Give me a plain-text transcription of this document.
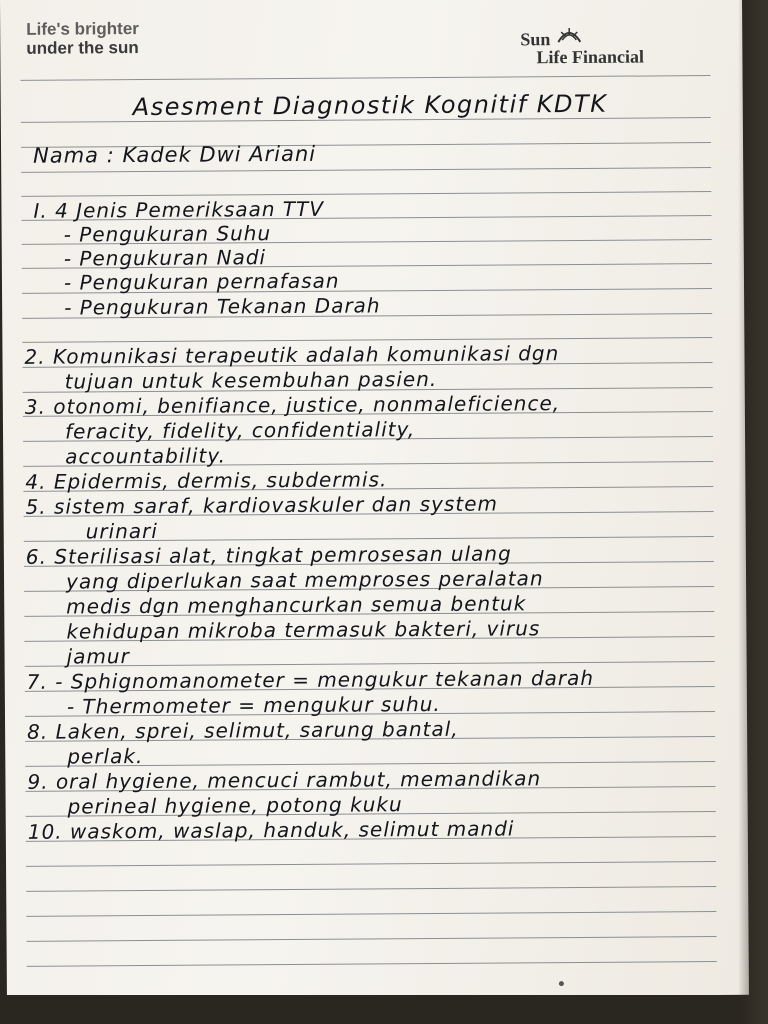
Life's brighter
under the sun	Sun
Life Financial
Asesment Diagnostik Kognitif KDTK
Nama : Kadek Dwi Ariani
I. 4 Jenis Pemeriksaan TTV
- Pengukuran Suhu
- Pengukuran Nadi
- Pengukuran pernafasan
- Pengukuran Tekanan Darah
2. Komunikasi terapeutik adalah komunikasi dgn
tujuan untuk kesembuhan pasien.
3. otonomi, benifiance, justice, nonmaleficience,
feracity, fidelity, confidentiality,
accountability.
4. Epidermis, dermis, subdermis.
5. sistem saraf, kardiovaskuler dan system
urinari
6. Sterilisasi alat, tingkat pemrosesan ulang
yang diperlukan saat memproses peralatan
medis dgn menghancurkan semua bentuk
kehidupan mikroba termasuk bakteri, virus
jamur
7. - Sphignomanometer = mengukur tekanan darah
- Thermometer = mengukur suhu.
8. Laken, sprei, selimut, sarung bantal,
perlak.
9. oral hygiene, mencuci rambut, memandikan
perineal hygiene, potong kuku
10. waskom, waslap, handuk, selimut mandi
